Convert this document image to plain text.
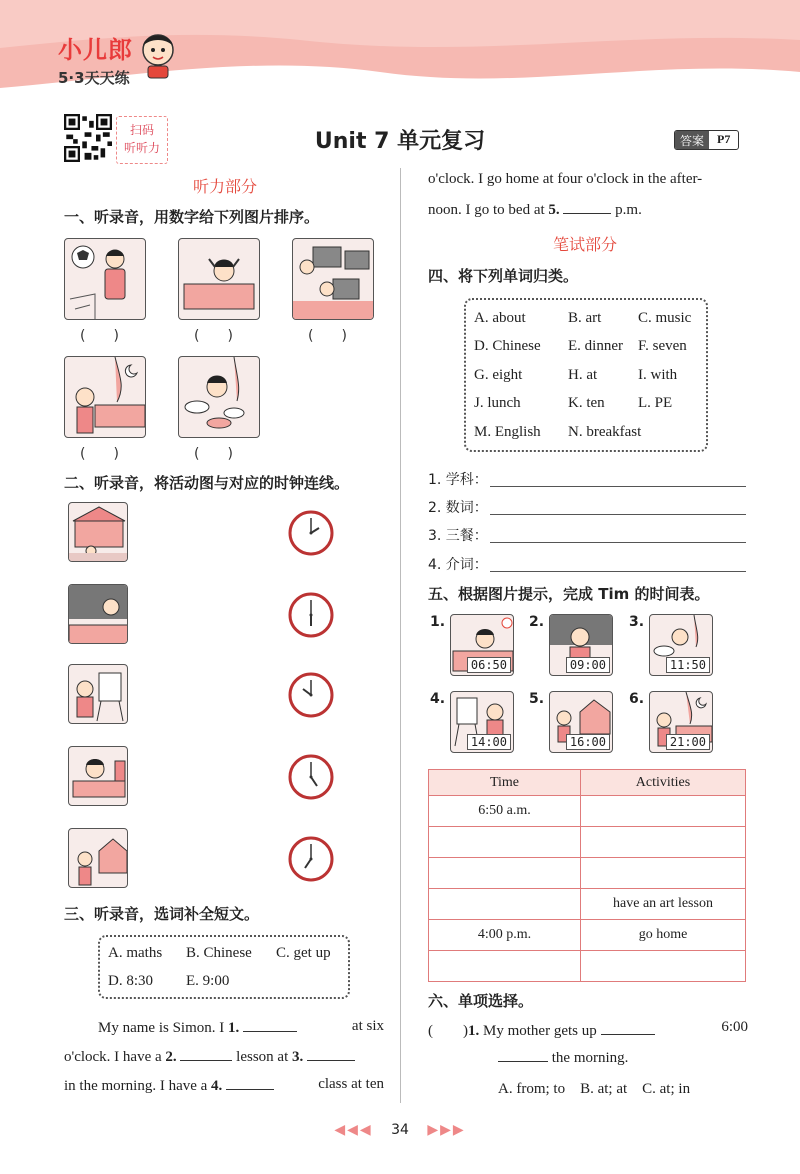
小儿郎
5·3天天练
扫码
听听力	Unit 7 单元复习	答案	P7
听力部分
一、听录音，用数字给下列图片排序。
(　　)	(　　)	(　　)
(　　)	(　　)
二、听录音，将活动图与对应的时钟连线。
三、听录音，选词补全短文。
A. maths B. Chinese C. get up
D. 8:30 E. 9:00
My name is Simon. I 1.	at six
o'clock. I have a 2.	lesson at 3.
in the morning. I have a 4.	class at ten
o'clock. I go home at four o'clock in the after-
noon. I go to bed at 5.	p.m.
笔试部分
四、将下列单词归类。
A. about	B. art C. music
D. Chinese E. dinner F. seven
G. eight	H. at	I. with
J. lunch	K. ten L. PE
M. English N. breakfast
1. 学科：
2. 数词：
3. 三餐：
4. 介词：
五、根据图片提示，完成 Tim 的时间表。
1.
06:50
2.
09:00
3.
11:50
4.
14:00
5.
16:00
6.
21:00
Time	Activities
6:50 a.m.	

	have an art lesson
4:00 p.m.	go home

六、单项选择。
(　　)1. My mother gets up	6:00
the morning.
A. from; to　B. at; at　C. at; in
◀◀◀ 34 ▶▶▶
